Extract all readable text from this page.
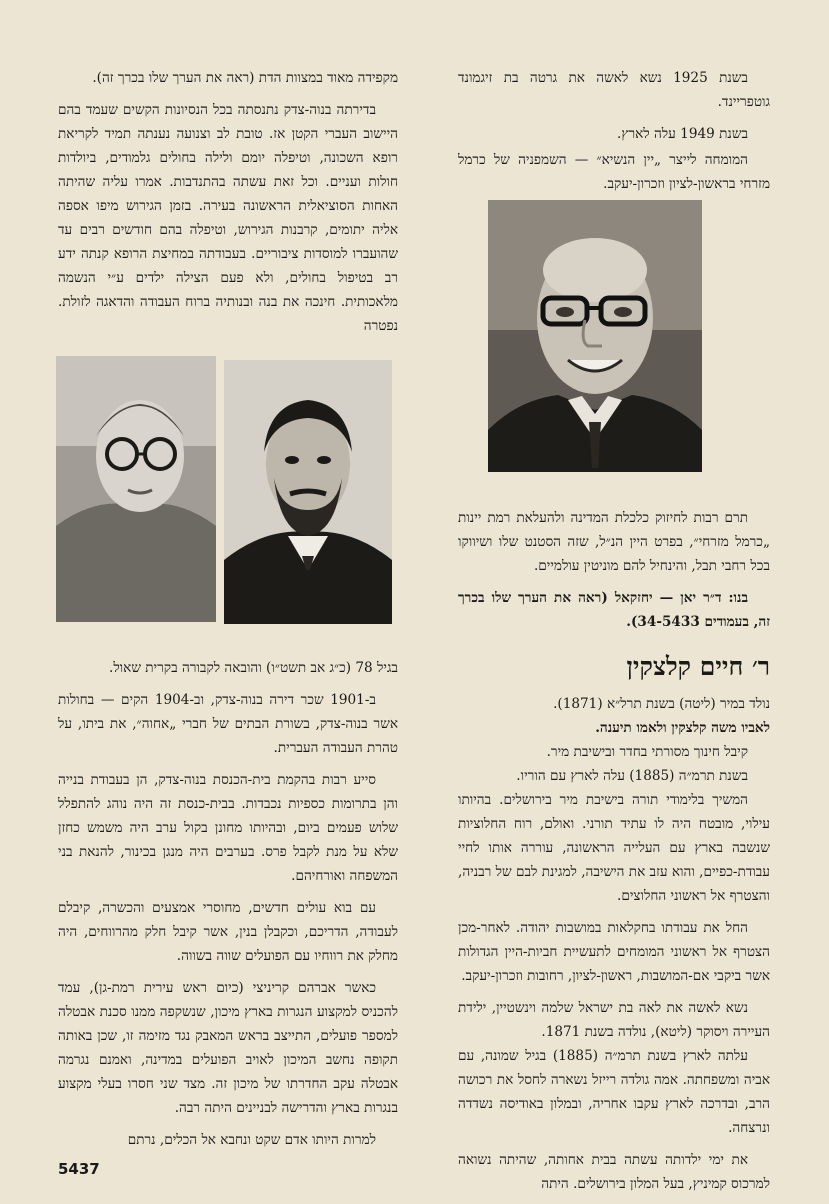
בשנת 1925 נשא לאשה את גרטה בת זיגמונד גוטפריינד.

בשנת 1949 עלה לארץ.

המומחה לייצר „יין הנשיא״ — השמפניה של כרמל מזרחי בראשון-לציון וזכרון-יעקב.

תרם רבות לחיזוק כלכלת המדינה ולהעלאת רמת יינות „כרמל מזרחי״, בפרט היין הנ״ל, שזה הסטנט שלו ושיווקו בכל רחבי תבל, והינחיל להם מוניטין עולמיים.

בנו: ד״ר יאן — יחזקאל (ראה את הערך שלו בכרך זה, בעמודים 34-5433).

מקפידה מאוד במצוות הדת (ראה את הערך שלו בכרך זה).

בדירתה בנוה-צדק נתנסתה בכל הנסיונות הקשים שעמד בהם היישוב העברי הקטן אז. טובת לב וצנועה נענתה תמיד לקריאת רופא השכונה, וטיפלה יומם ולילה בחולים גלמודים, ביולדות חולות ועניים. וכל זאת עשתה בהתנדבות. אמרו עליה שהיתה האחות הסוציאלית הראשונה בעירה. בזמן הגירוש מיפו אספה אליה יתומים, קרבנות הגירוש, וטיפלה בהם חודשים רבים עד שהועברו למוסדות ציבוריים. בעבודתה במחיצת הרופא קנתה ידע רב בטיפול בחולים, ולא פעם הצילה ילדים ע״י הנשמה מלאכותית. חינכה את בנה ובנותיה ברוח העבודה והדאגה לזולת. נפטרה

ר׳ חיים קלצקין

נולד במיר (ליטה) בשנת תרל״א (1871).

לאביו משה קלצקין ולאמו תיענה.

קיבל חינוך מסורתי בחדר ובישיבת מיר.

בשנת תרמ״ה (1885) עלה לארץ עם הוריו.

המשיך בלימודי תורה בישיבת מיר בירושלים. בהיותו עילוי, מובטח היה לו עתיד תורני. ואולם, רוח החלוציות שנשבה בארץ עם העלייה הראשונה, עוררה אותו לחיי עבודת-כפיים, והוא עזב את הישיבה, למגינת לבם של רבניה, והצטרף אל ראשוני החלוצים.

החל את עבודתו בחקלאות במושבות יהודה. לאחר-מכן הצטרף אל ראשוני המומחים לתעשיית חביות-היין הגדולות אשר ביקבי אם-המושבות, ראשון-לציון, רחובות וזכרון-יעקב.

נשא לאשה את לאה בת ישראל שלמה וינשטיין, ילידת העיירה ויסוקר (ליטא), נולדה בשנת 1871.

עלתה לארץ בשנת תרמ״ה (1885) בגיל שמונה, עם אביה ומשפחתה. אמה גולדה רייזל נשארה לחסל את רכושה הרב, ובדרכה לארץ עקבו אחריה, ובמלון באודיסה נשדדה ונרצחה.

את ימי ילדותה עשתה בבית אחותה, שהיתה נשואה למרכוס קמיניץ, בעל המלון בירושלים. היתה

בגיל 78 (כ״ג אב תשט״ו) והובאה לקבורה בקרית שאול.

ב-1901 שכר דירה בנוה-צדק, וב-1904 הקים — בחולות אשר בנוה-צדק, בשורת הבתים של חברי „אחוה״, את ביתו, על טהרת העבודה העברית.

סייע רבות בהקמת בית-הכנסת בנוה-צדק, הן בעבודת בנייה והן בתרומות כספיות נכבדות. בבית-כנסת זה היה נוהג להתפלל שלוש פעמים ביום, ובהיותו מחונן בקול ערב היה משמש כחזן שלא על מנת לקבל פרס. בערבים היה מנגן בכינור, להנאת בני המשפחה ואורחיהם.

עם בוא עולים חדשים, מחוסרי אמצעים והכשרה, קיבלם לעבודה, הדריכם, וכקבלן בנין, אשר קיבל חלק מהרווחים, היה מחלק את רווחיו עם הפועלים שווה בשווה.

כאשר אברהם קריניצי (כיום ראש עירית רמת-גן), עמד להכניס למקצוע הנגרות בארץ מיכון, שנשקפה ממנו סכנת אבטלה למספר פועלים, התייצב בראש המאבק נגד מזימה זו, שכן באותה תקופה נחשב המיכון לאויב הפועלים במדינה, ואמנם נגרמה אבטלה עקב החדרתו של מיכון זה. מצד שני חסרו בעלי מקצוע בנגרות בארץ והדרישה לבניינים היתה רבה.

למרות היותו אדם שקט ונחבא אל הכלים, נרתם

5437
